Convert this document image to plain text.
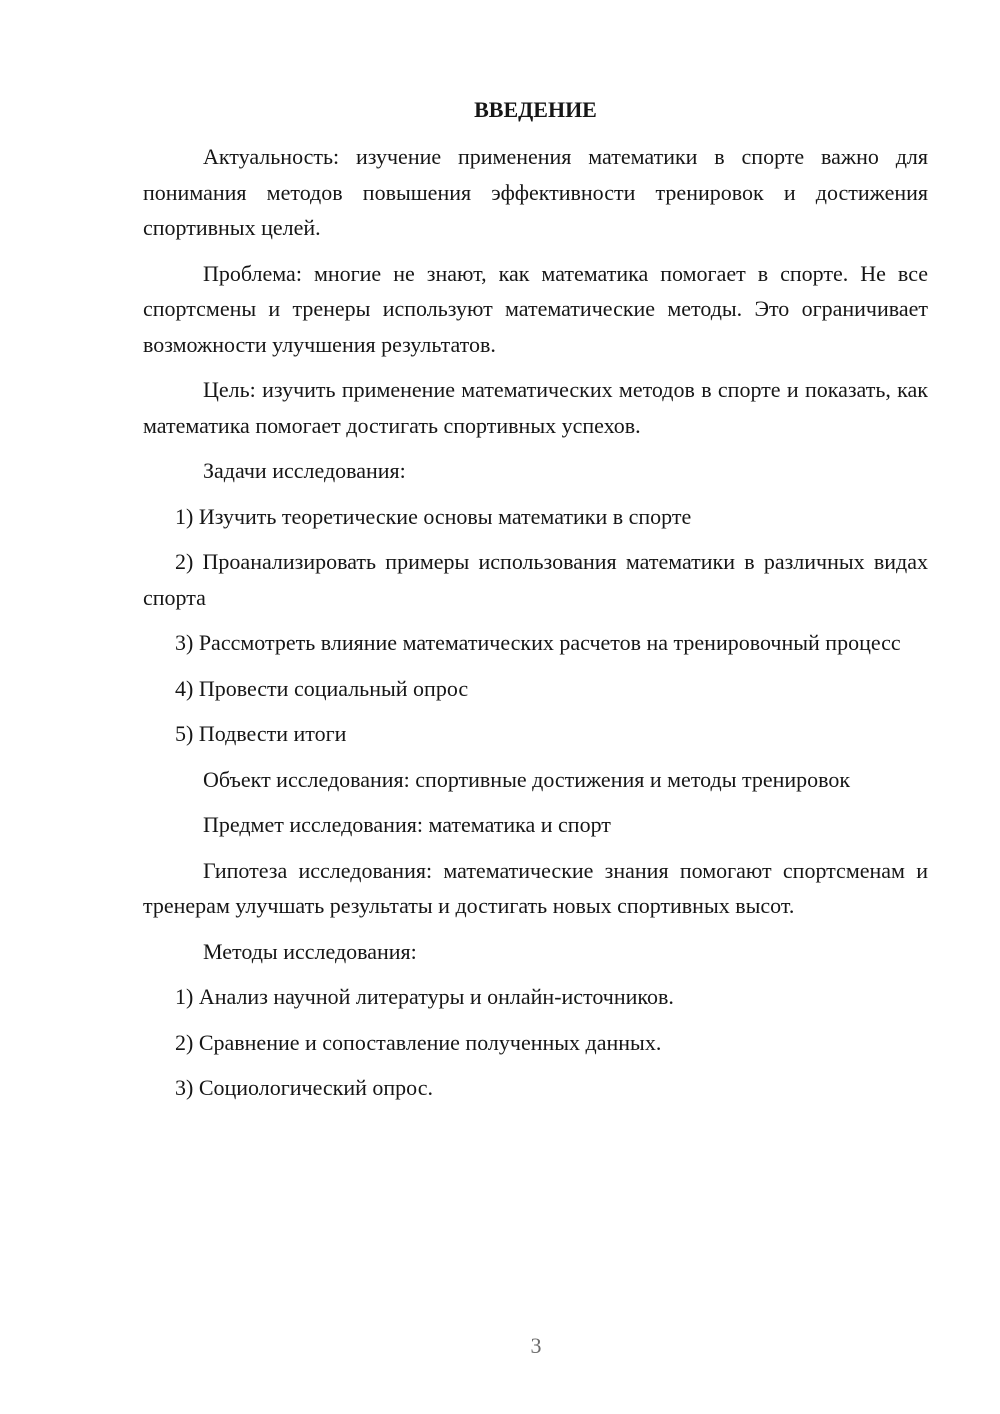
ВВЕДЕНИЕ

Актуальность: изучение применения математики в спорте важно для понимания методов повышения эффективности тренировок и достижения спортивных целей.

Проблема: многие не знают, как математика помогает в спорте. Не все спортсмены и тренеры используют математические методы. Это ограничивает возможности улучшения результатов.

Цель: изучить применение математических методов в спорте и показать, как математика помогает достигать спортивных успехов.

Задачи исследования:

1) Изучить теоретические основы математики в спорте

2) Проанализировать примеры использования математики в различных видах спорта

3) Рассмотреть влияние математических расчетов на тренировочный процесс

4) Провести социальный опрос

5) Подвести итоги

Объект исследования: спортивные достижения и методы тренировок

Предмет исследования: математика и спорт

Гипотеза исследования: математические знания помогают спортсменам и тренерам улучшать результаты и достигать новых спортивных высот.

Методы исследования:

1) Анализ научной литературы и онлайн-источников.

2) Сравнение и сопоставление полученных данных.

3) Социологический опрос.

3
